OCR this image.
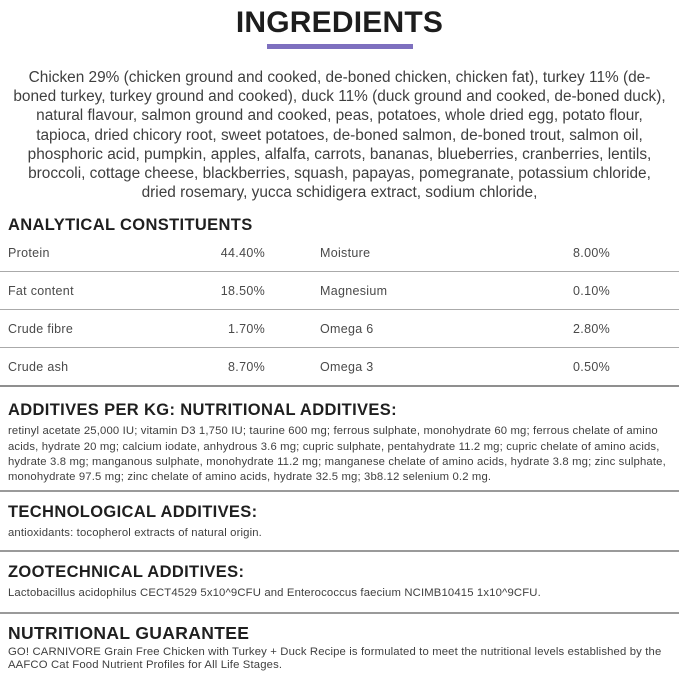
INGREDIENTS

Chicken 29% (chicken ground and cooked, de-boned chicken, chicken fat), turkey 11% (de-boned turkey, turkey ground and cooked), duck 11% (duck ground and cooked, de-boned duck), natural flavour, salmon ground and cooked, peas, potatoes, whole dried egg, potato flour, tapioca, dried chicory root, sweet potatoes, de-boned salmon, de-boned trout, salmon oil, phosphoric acid, pumpkin, apples, alfalfa, carrots, bananas, blueberries, cranberries, lentils, broccoli, cottage cheese, blackberries, squash, papayas, pomegranate, potassium chloride, dried rosemary, yucca schidigera extract, sodium chloride,

ANALYTICAL CONSTITUENTS
Protein	44.40%	Moisture	8.00%
Fat content	18.50%	Magnesium	0.10%
Crude fibre	1.70%	Omega 6	2.80%
Crude ash	8.70%	Omega 3	0.50%
ADDITIVES PER KG: NUTRITIONAL ADDITIVES:

retinyl acetate 25,000 IU; vitamin D3 1,750 IU; taurine 600 mg; ferrous sulphate, monohydrate 60 mg; ferrous chelate of amino acids, hydrate 20 mg; calcium iodate, anhydrous 3.6 mg; cupric sulphate, pentahydrate 11.2 mg; cupric chelate of amino acids, hydrate 3.8 mg; manganous sulphate, monohydrate 11.2 mg; manganese chelate of amino acids, hydrate 3.8 mg; zinc sulphate, monohydrate 97.5 mg; zinc chelate of amino acids, hydrate 32.5 mg; 3b8.12 selenium 0.2 mg.

TECHNOLOGICAL ADDITIVES:

antioxidants: tocopherol extracts of natural origin.

ZOOTECHNICAL ADDITIVES:

Lactobacillus acidophilus CECT4529 5x10^9CFU and Enterococcus faecium NCIMB10415 1x10^9CFU.

NUTRITIONAL GUARANTEE

GO! CARNIVORE Grain Free Chicken with Turkey + Duck Recipe is formulated to meet the nutritional levels established by the AAFCO Cat Food Nutrient Profiles for All Life Stages.
